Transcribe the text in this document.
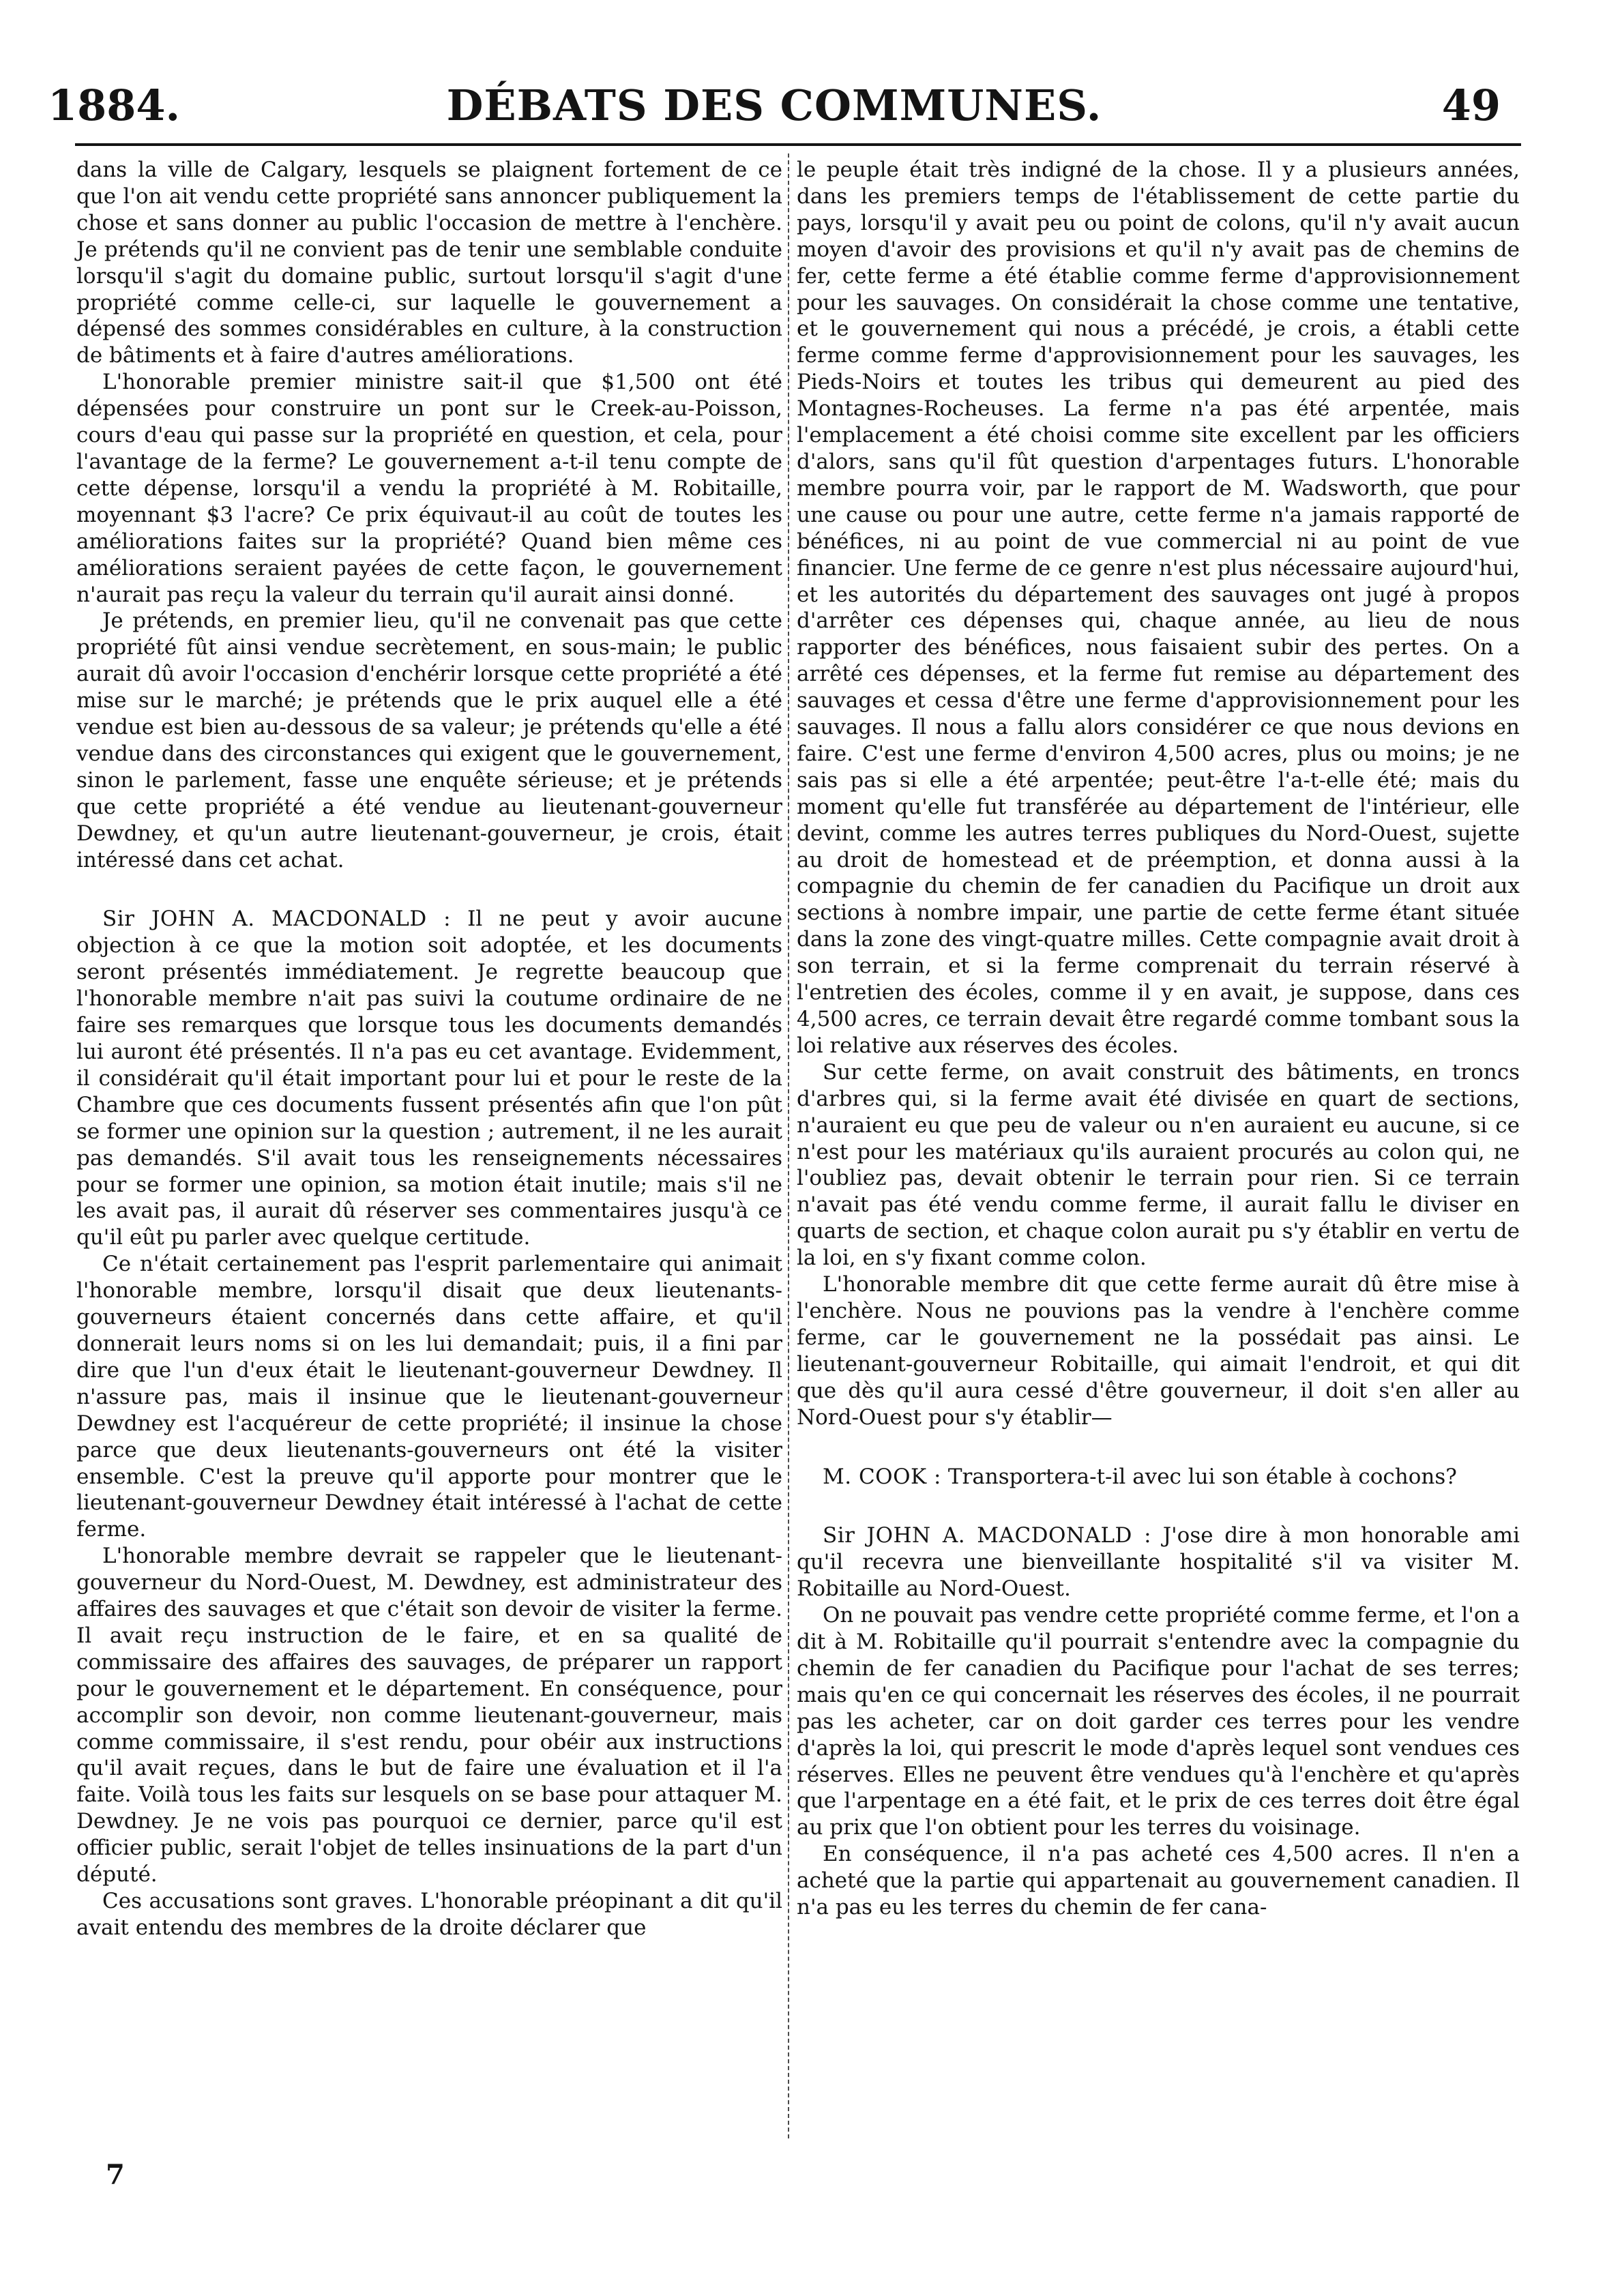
1884.	DÉBATS DES COMMUNES.	49

dans la ville de Calgary, lesquels se plaignent fortement de ce que l'on ait vendu cette propriété sans annoncer publiquement la chose et sans donner au public l'occasion de mettre à l'enchère. Je prétends qu'il ne convient pas de tenir une semblable conduite lorsqu'il s'agit du domaine public, surtout lorsqu'il s'agit d'une propriété comme celle-ci, sur laquelle le gouvernement a dépensé des sommes considérables en culture, à la construction de bâtiments et à faire d'autres améliorations.

L'honorable premier ministre sait-il que $1,500 ont été dépensées pour construire un pont sur le Creek-au-Poisson, cours d'eau qui passe sur la propriété en question, et cela, pour l'avantage de la ferme? Le gouvernement a-t-il tenu compte de cette dépense, lorsqu'il a vendu la propriété à M. Robitaille, moyennant $3 l'acre? Ce prix équivaut-il au coût de toutes les améliorations faites sur la propriété? Quand bien même ces améliorations seraient payées de cette façon, le gouvernement n'aurait pas reçu la valeur du terrain qu'il aurait ainsi donné.

Je prétends, en premier lieu, qu'il ne convenait pas que cette propriété fût ainsi vendue secrètement, en sous-main; le public aurait dû avoir l'occasion d'enchérir lorsque cette propriété a été mise sur le marché; je prétends que le prix auquel elle a été vendue est bien au-dessous de sa valeur; je prétends qu'elle a été vendue dans des circonstances qui exigent que le gouvernement, sinon le parlement, fasse une enquête sérieuse; et je prétends que cette propriété a été vendue au lieutenant-gouverneur Dewdney, et qu'un autre lieutenant-gouverneur, je crois, était intéressé dans cet achat.

Sir JOHN A. MACDONALD : Il ne peut y avoir aucune objection à ce que la motion soit adoptée, et les documents seront présentés immédiatement. Je regrette beaucoup que l'honorable membre n'ait pas suivi la coutume ordinaire de ne faire ses remarques que lorsque tous les documents demandés lui auront été présentés. Il n'a pas eu cet avantage. Evidemment, il considérait qu'il était important pour lui et pour le reste de la Chambre que ces documents fussent présentés afin que l'on pût se former une opinion sur la question ; autrement, il ne les aurait pas demandés. S'il avait tous les renseignements nécessaires pour se former une opinion, sa motion était inutile; mais s'il ne les avait pas, il aurait dû réserver ses commentaires jusqu'à ce qu'il eût pu parler avec quelque certitude.

Ce n'était certainement pas l'esprit parlementaire qui animait l'honorable membre, lorsqu'il disait que deux lieutenants-gouverneurs étaient concernés dans cette affaire, et qu'il donnerait leurs noms si on les lui demandait; puis, il a fini par dire que l'un d'eux était le lieutenant-gouverneur Dewdney. Il n'assure pas, mais il insinue que le lieutenant-gouverneur Dewdney est l'acquéreur de cette propriété; il insinue la chose parce que deux lieutenants-gouverneurs ont été la visiter ensemble. C'est la preuve qu'il apporte pour montrer que le lieutenant-gouverneur Dewdney était intéressé à l'achat de cette ferme.

L'honorable membre devrait se rappeler que le lieutenant-gouverneur du Nord-Ouest, M. Dewdney, est administrateur des affaires des sauvages et que c'était son devoir de visiter la ferme. Il avait reçu instruction de le faire, et en sa qualité de commissaire des affaires des sauvages, de préparer un rapport pour le gouvernement et le département. En conséquence, pour accomplir son devoir, non comme lieutenant-gouverneur, mais comme commissaire, il s'est rendu, pour obéir aux instructions qu'il avait reçues, dans le but de faire une évaluation et il l'a faite. Voilà tous les faits sur lesquels on se base pour attaquer M. Dewdney. Je ne vois pas pourquoi ce dernier, parce qu'il est officier public, serait l'objet de telles insinuations de la part d'un député.

Ces accusations sont graves. L'honorable préopinant a dit qu'il avait entendu des membres de la droite déclarer que

le peuple était très indigné de la chose. Il y a plusieurs années, dans les premiers temps de l'établissement de cette partie du pays, lorsqu'il y avait peu ou point de colons, qu'il n'y avait aucun moyen d'avoir des provisions et qu'il n'y avait pas de chemins de fer, cette ferme a été établie comme ferme d'approvisionnement pour les sauvages. On considérait la chose comme une tentative, et le gouvernement qui nous a précédé, je crois, a établi cette ferme comme ferme d'approvisionnement pour les sauvages, les Pieds-Noirs et toutes les tribus qui demeurent au pied des Montagnes-Rocheuses. La ferme n'a pas été arpentée, mais l'emplacement a été choisi comme site excellent par les officiers d'alors, sans qu'il fût question d'arpentages futurs. L'honorable membre pourra voir, par le rapport de M. Wadsworth, que pour une cause ou pour une autre, cette ferme n'a jamais rapporté de bénéfices, ni au point de vue commercial ni au point de vue financier. Une ferme de ce genre n'est plus nécessaire aujourd'hui, et les autorités du département des sauvages ont jugé à propos d'arrêter ces dépenses qui, chaque année, au lieu de nous rapporter des bénéfices, nous faisaient subir des pertes. On a arrêté ces dépenses, et la ferme fut remise au département des sauvages et cessa d'être une ferme d'approvisionnement pour les sauvages. Il nous a fallu alors considérer ce que nous devions en faire. C'est une ferme d'environ 4,500 acres, plus ou moins; je ne sais pas si elle a été arpentée; peut-être l'a-t-elle été; mais du moment qu'elle fut transférée au département de l'intérieur, elle devint, comme les autres terres publiques du Nord-Ouest, sujette au droit de homestead et de préemption, et donna aussi à la compagnie du chemin de fer canadien du Pacifique un droit aux sections à nombre impair, une partie de cette ferme étant située dans la zone des vingt-quatre milles. Cette compagnie avait droit à son terrain, et si la ferme comprenait du terrain réservé à l'entretien des écoles, comme il y en avait, je suppose, dans ces 4,500 acres, ce terrain devait être regardé comme tombant sous la loi relative aux réserves des écoles.

Sur cette ferme, on avait construit des bâtiments, en troncs d'arbres qui, si la ferme avait été divisée en quart de sections, n'auraient eu que peu de valeur ou n'en auraient eu aucune, si ce n'est pour les matériaux qu'ils auraient procurés au colon qui, ne l'oubliez pas, devait obtenir le terrain pour rien. Si ce terrain n'avait pas été vendu comme ferme, il aurait fallu le diviser en quarts de section, et chaque colon aurait pu s'y établir en vertu de la loi, en s'y fixant comme colon.

L'honorable membre dit que cette ferme aurait dû être mise à l'enchère. Nous ne pouvions pas la vendre à l'enchère comme ferme, car le gouvernement ne la possédait pas ainsi. Le lieutenant-gouverneur Robitaille, qui aimait l'endroit, et qui dit que dès qu'il aura cessé d'être gouverneur, il doit s'en aller au Nord-Ouest pour s'y établir—

M. COOK : Transportera-t-il avec lui son étable à cochons?

Sir JOHN A. MACDONALD : J'ose dire à mon honorable ami qu'il recevra une bienveillante hospitalité s'il va visiter M. Robitaille au Nord-Ouest.

On ne pouvait pas vendre cette propriété comme ferme, et l'on a dit à M. Robitaille qu'il pourrait s'entendre avec la compagnie du chemin de fer canadien du Pacifique pour l'achat de ses terres; mais qu'en ce qui concernait les réserves des écoles, il ne pourrait pas les acheter, car on doit garder ces terres pour les vendre d'après la loi, qui prescrit le mode d'après lequel sont vendues ces réserves. Elles ne peuvent être vendues qu'à l'enchère et qu'après que l'arpentage en a été fait, et le prix de ces terres doit être égal au prix que l'on obtient pour les terres du voisinage.

En conséquence, il n'a pas acheté ces 4,500 acres. Il n'en a acheté que la partie qui appartenait au gouvernement canadien. Il n'a pas eu les terres du chemin de fer cana-

7
